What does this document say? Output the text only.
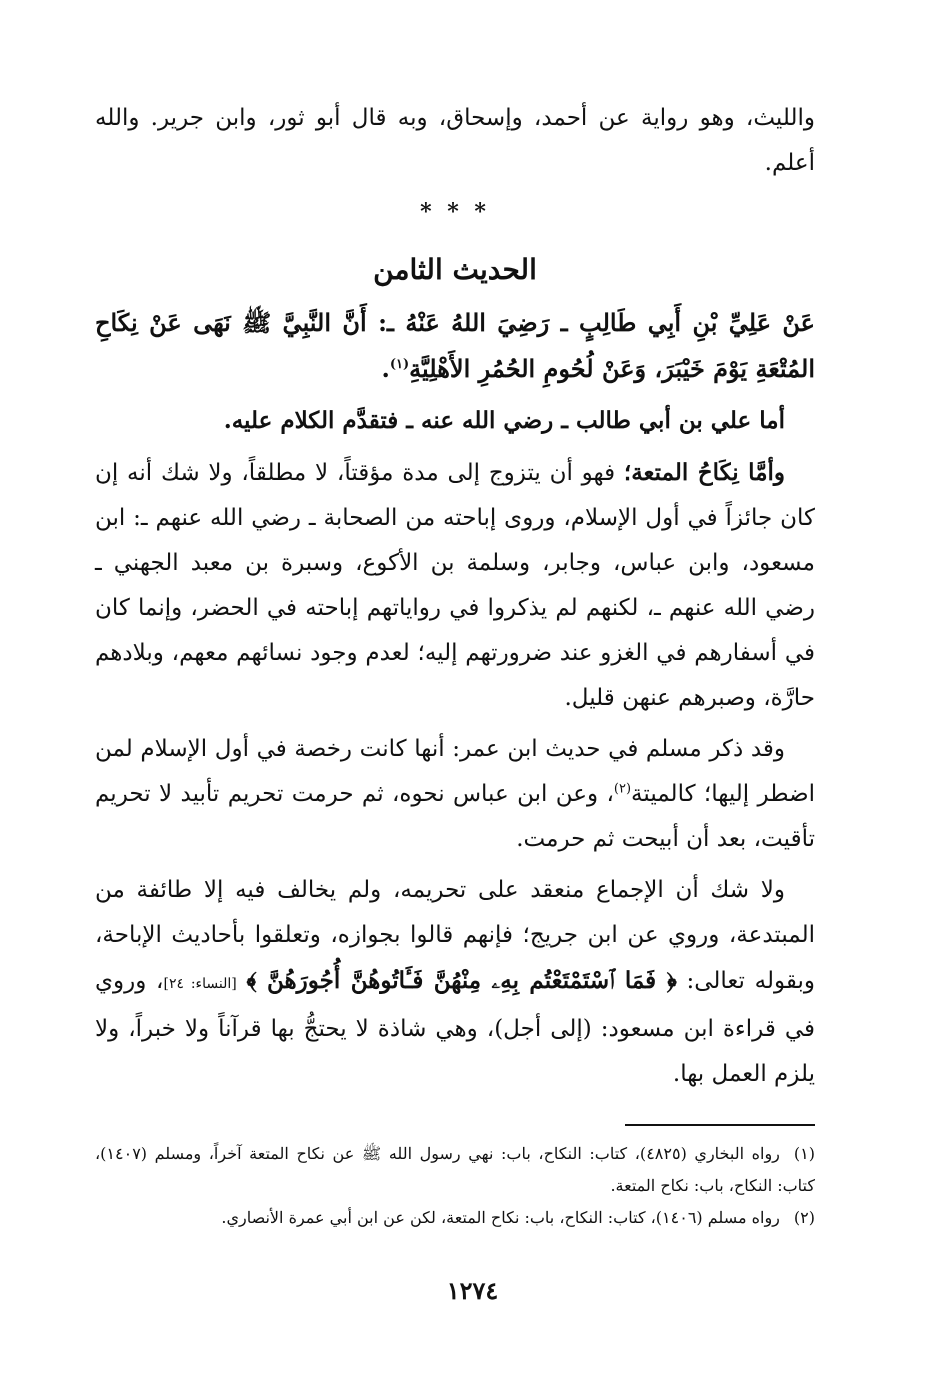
والليث، وهو رواية عن أحمد، وإسحاق، وبه قال أبو ثور، وابن جرير. والله أعلم.

* * *
الحديث الثامن

عَنْ عَلِيِّ بْنِ أَبِي طَالِبٍ ـ رَضِيَ اللهُ عَنْهُ ـ: أَنَّ النَّبِيَّ ﷺ نَهَى عَنْ نِكَاحِ المُتْعَةِ يَوْمَ خَيْبَرَ، وَعَنْ لُحُومِ الحُمُرِ الأَهْلِيَّةِ$^{(١)}$.

أما علي بن أبي طالب ـ رضي الله عنه ـ فتقدَّم الكلام عليه.

وأمَّا نِكَاحُ المتعة؛ فهو أن يتزوج إلى مدة مؤقتاً، لا مطلقاً، ولا شك أنه إن كان جائزاً في أول الإسلام، وروى إباحته من الصحابة ـ رضي الله عنهم ـ: ابن مسعود، وابن عباس، وجابر، وسلمة بن الأكوع، وسبرة بن معبد الجهني ـ رضي الله عنهم ـ، لكنهم لم يذكروا في رواياتهم إباحته في الحضر، وإنما كان في أسفارهم في الغزو عند ضرورتهم إليه؛ لعدم وجود نسائهم معهم، وبلادهم حارَّة، وصبرهم عنهن قليل.

وقد ذكر مسلم في حديث ابن عمر: أنها كانت رخصة في أول الإسلام لمن اضطر إليها؛ كالميتة$^{(٢)}$، وعن ابن عباس نحوه، ثم حرمت تحريم تأبيد لا تحريم تأقيت، بعد أن أبيحت ثم حرمت.

ولا شك أن الإجماع منعقد على تحريمه، ولم يخالف فيه إلا طائفة من المبتدعة، وروي عن ابن جريج؛ فإنهم قالوا بجوازه، وتعلقوا بأحاديث الإباحة، وبقوله تعالى: ﴿ فَمَا ٱسْتَمْتَعْتُم بِهِۦ مِنْهُنَّ فَـَٔاتُوهُنَّ أُجُورَهُنَّ ﴾ [النساء: ٢٤]، وروي في قراءة ابن مسعود: (إلى أجل)، وهي شاذة لا يحتجُّ بها قرآناً ولا خبراً، ولا يلزم العمل بها.

(١)رواه البخاري (٤٨٢٥)، كتاب: النكاح، باب: نهي رسول الله ﷺ عن نكاح المتعة آخراً، ومسلم (١٤٠٧)، كتاب: النكاح، باب: نكاح المتعة.

(٢)رواه مسلم (١٤٠٦)، كتاب: النكاح، باب: نكاح المتعة، لكن عن ابن أبي عمرة الأنصاري.

١٢٧٤
